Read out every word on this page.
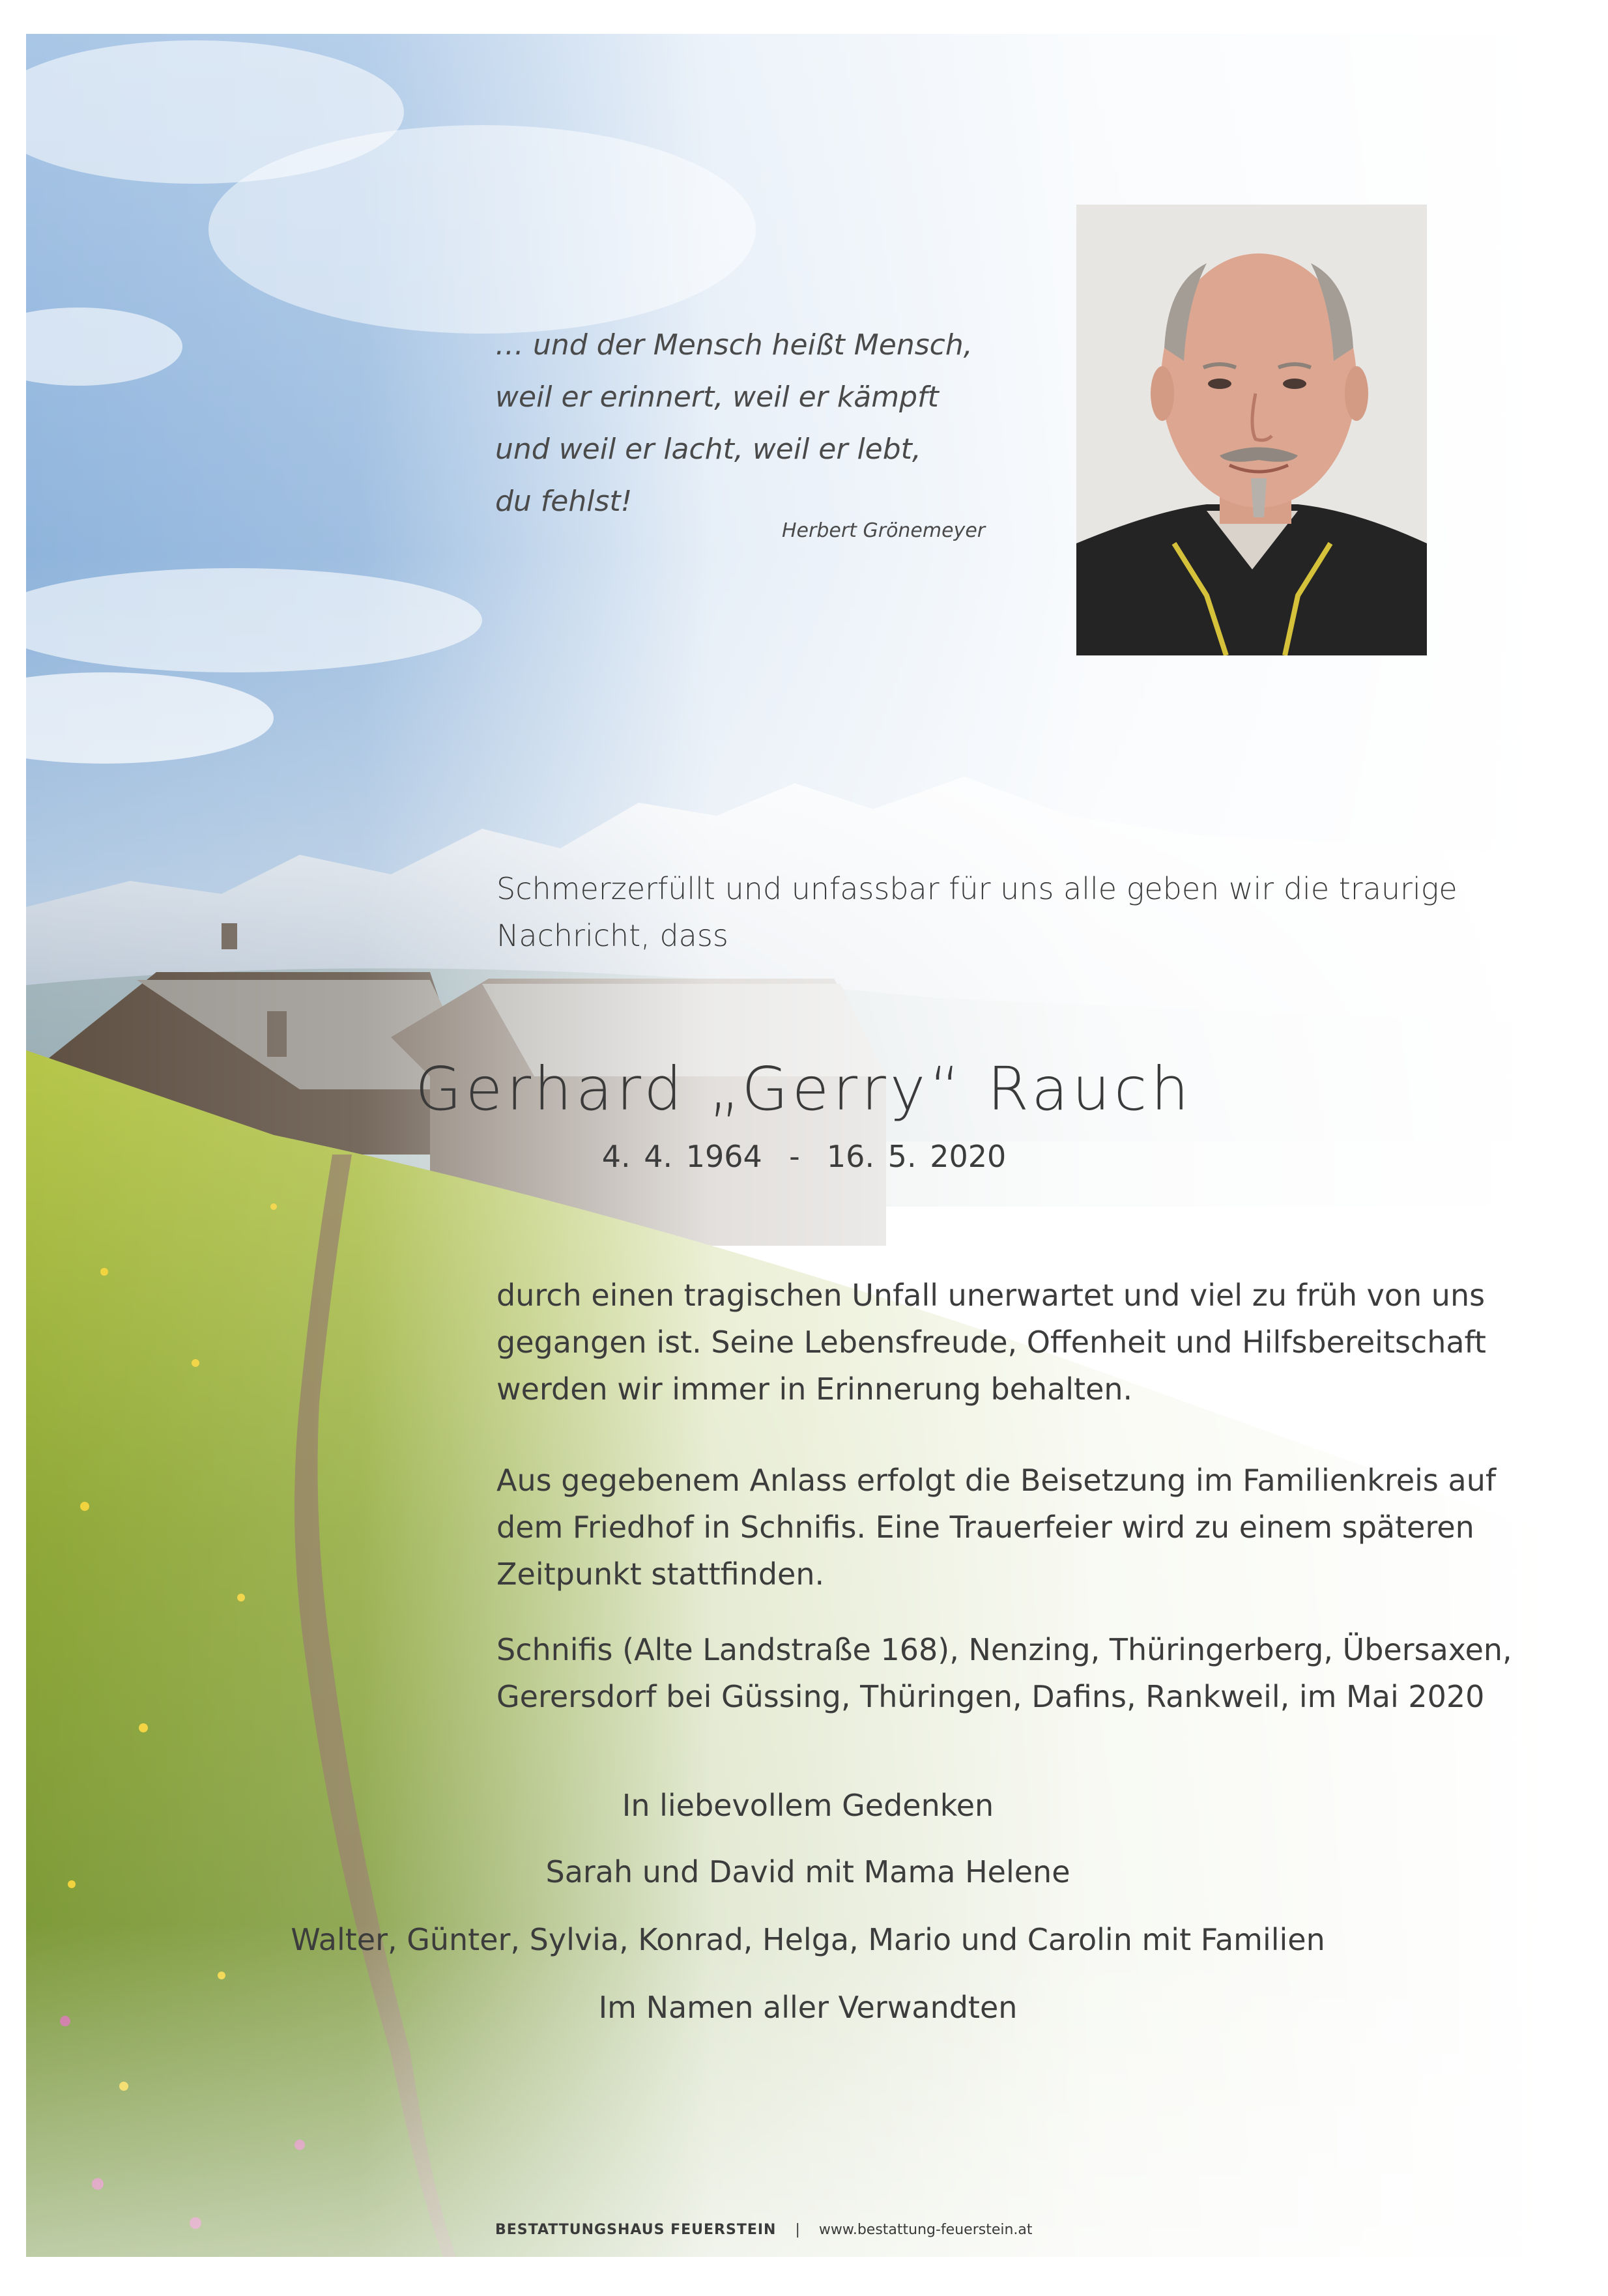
… und der Mensch heißt Mensch,
weil er erinnert, weil er kämpft
und weil er lacht, weil er lebt,
du fehlst!
Herbert Grönemeyer
Schmerzerfüllt und unfassbar für uns alle geben wir die traurige
Nachricht, dass
Gerhard „Gerry“ Rauch
4. 4. 1964  -  16. 5. 2020
durch einen tragischen Unfall unerwartet und viel zu früh von uns
gegangen ist. Seine Lebensfreude, Offenheit und Hilfsbereitschaft
werden wir immer in Erinnerung behalten.
Aus gegebenem Anlass erfolgt die Beisetzung im Familienkreis auf
dem Friedhof in Schnifis. Eine Trauerfeier wird zu einem späteren
Zeitpunkt stattfinden.
Schnifis (Alte Landstraße 168), Nenzing, Thüringerberg, Übersaxen,
Gerersdorf bei Güssing, Thüringen, Dafins, Rankweil, im Mai 2020
In liebevollem Gedenken
Sarah und David mit Mama Helene
Walter, Günter, Sylvia, Konrad, Helga, Mario und Carolin mit Familien
Im Namen aller Verwandten
BESTATTUNGSHAUS FEUERSTEIN | www.bestattung-feuerstein.at
